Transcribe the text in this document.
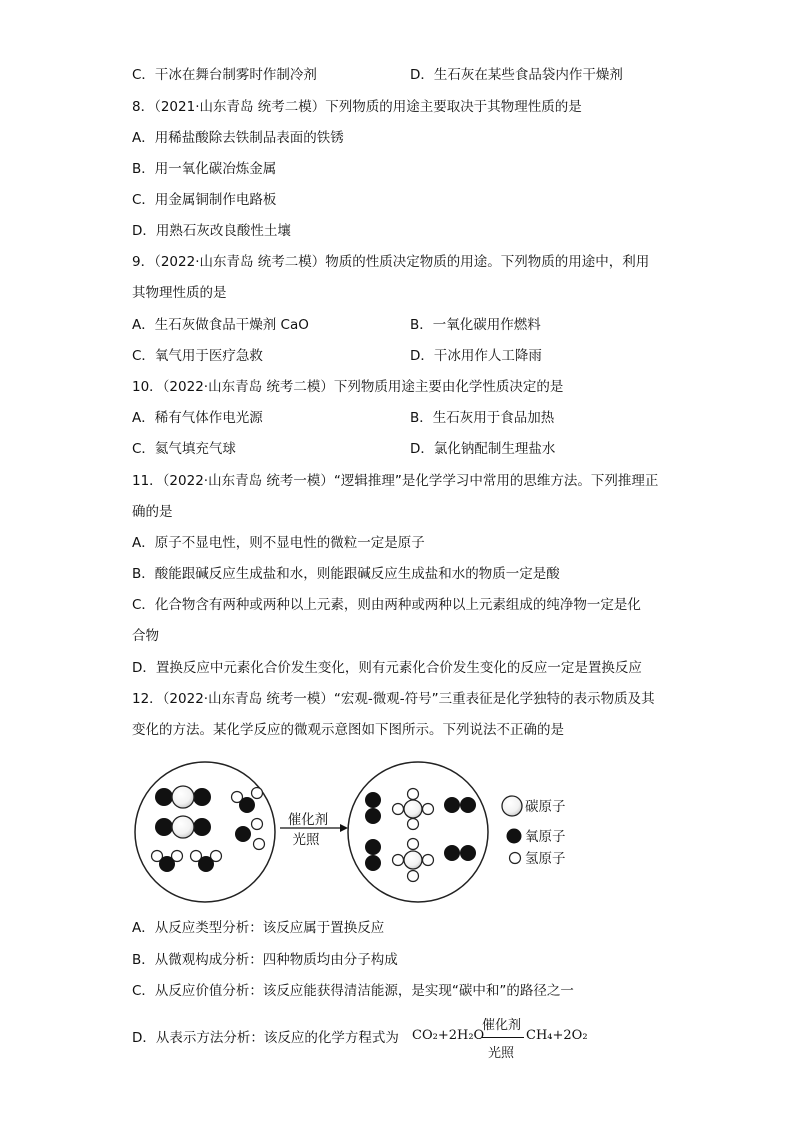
C．干冰在舞台制雾时作制冷剂	D．生石灰在某些食品袋内作干燥剂
8．（2021·山东青岛 统考二模）下列物质的用途主要取决于其物理性质的是
A．用稀盐酸除去铁制品表面的铁锈
B．用一氧化碳冶炼金属
C．用金属铜制作电路板
D．用熟石灰改良酸性土壤
9．（2022·山东青岛 统考二模）物质的性质决定物质的用途。下列物质的用途中，利用
其物理性质的是
A．生石灰做食品干燥剂 CaO	B．一氧化碳用作燃料
C．氧气用于医疗急救	D．干冰用作人工降雨
10．（2022·山东青岛 统考二模）下列物质用途主要由化学性质决定的是
A．稀有气体作电光源	B．生石灰用于食品加热
C．氦气填充气球	D．氯化钠配制生理盐水
11．（2022·山东青岛 统考一模）“逻辑推理”是化学学习中常用的思维方法。下列推理正
确的是
A．原子不显电性，则不显电性的微粒一定是原子
B．酸能跟碱反应生成盐和水，则能跟碱反应生成盐和水的物质一定是酸
C．化合物含有两种或两种以上元素，则由两种或两种以上元素组成的纯净物一定是化
合物
D．置换反应中元素化合价发生变化，则有元素化合价发生变化的反应一定是置换反应
12．（2022·山东青岛 统考一模）“宏观-微观-符号”三重表征是化学独特的表示物质及其
变化的方法。某化学反应的微观示意图如下图所示。下列说法不正确的是
催化剂
光照
碳原子
氧原子
氢原子
A．从反应类型分析：该反应属于置换反应
B．从微观构成分析：四种物质均由分子构成
C．从反应价值分析：该反应能获得清洁能源，是实现“碳中和”的路径之一
D．从表示方法分析：该反应的化学方程式为 CO₂+2H₂O
催化剂
光照
CH₄+2O₂
